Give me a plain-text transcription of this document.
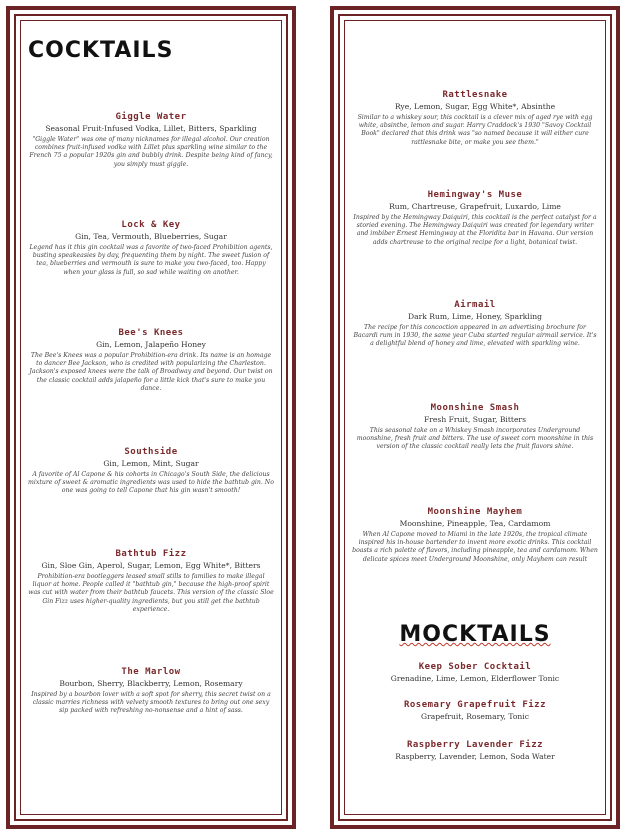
COCKTAILS
Giggle Water
Seasonal Fruit-Infused Vodka, Lillet, Bitters, Sparkling
"Giggle Water" was one of many nicknames for illegal alcohol. Our creation combines fruit-infused vodka with Lillet plus sparkling wine similar to the French 75 a popular 1920s gin and bubbly drink. Despite being kind of fancy, you simply must giggle.
Lock & Key
Gin, Tea, Vermouth, Blueberries, Sugar
Legend has it this gin cocktail was a favorite of two-faced Prohibition agents, busting speakeasies by day, frequenting them by night. The sweet fusion of tea, blueberries and vermouth is sure to make you two-faced, too. Happy when your glass is full, so sad while waiting on another.
Bee's Knees
Gin, Lemon, Jalapeño Honey
The Bee's Knees was a popular Prohibition-era drink. Its name is an homage to dancer Bee Jackson, who is credited with popularizing the Charleston. Jackson's exposed knees were the talk of Broadway and beyond. Our twist on the classic cocktail adds jalapeño for a little kick that's sure to make you dance.
Southside
Gin, Lemon, Mint, Sugar
A favorite of Al Capone & his cohorts in Chicago's South Side, the delicious mixture of sweet & aromatic ingredients was used to hide the bathtub gin. No one was going to tell Capone that his gin wasn't smooth!
Bathtub Fizz
Gin, Sloe Gin, Aperol, Sugar, Lemon, Egg White*, Bitters
Prohibition-era bootleggers leased small stills to families to make illegal liquor at home. People called it "bathtub gin," because the high-proof spirit was cut with water from their bathtub faucets. This version of the classic Sloe Gin Fizz uses higher-quality ingredients, but you still get the bathtub experience.
The Marlow
Bourbon, Sherry, Blackberry, Lemon, Rosemary
Inspired by a bourbon lover with a soft spot for sherry, this secret twist on a classic marries richness with velvety smooth textures to bring out one sexy sip packed with refreshing no-nonsense and a hint of sass.
Rattlesnake
Rye, Lemon, Sugar, Egg White*, Absinthe
Similar to a whiskey sour, this cocktail is a clever mix of aged rye with egg white, absinthe, lemon and sugar. Harry Craddock's 1930 "Savoy Cocktail Book" declared that this drink was "so named because it will either cure rattlesnake bite, or make you see them."
Hemingway's Muse
Rum, Chartreuse, Grapefruit, Luxardo, Lime
Inspired by the Hemingway Daiquiri, this cocktail is the perfect catalyst for a storied evening. The Hemingway Daiquiri was created for legendary writer and imbiber Ernest Hemingway at the Floridita bar in Havana. Our version adds chartreuse to the original recipe for a light, botanical twist.
Airmail
Dark Rum, Lime, Honey, Sparkling
The recipe for this concoction appeared in an advertising brochure for Bacardi rum in 1930, the same year Cuba started regular airmail service. It's a delightful blend of honey and lime, elevated with sparkling wine.
Moonshine Smash
Fresh Fruit, Sugar, Bitters
This seasonal take on a Whiskey Smash incorporates Underground moonshine, fresh fruit and bitters. The use of sweet corn moonshine in this version of the classic cocktail really lets the fruit flavors shine.
Moonshine Mayhem
Moonshine, Pineapple, Tea, Cardamom
When Al Capone moved to Miami in the late 1920s, the tropical climate inspired his in-house bartender to invent more exotic drinks. This cocktail boasts a rich palette of flavors, including pineapple, tea and cardamom. When delicate spices meet Underground Moonshine, only Mayhem can result
MOCKTAILS
Keep Sober Cocktail
Grenadine, Lime, Lemon, Elderflower Tonic
Rosemary Grapefruit Fizz
Grapefruit, Rosemary, Tonic
Raspberry Lavender Fizz
Raspberry, Lavender, Lemon, Soda Water
